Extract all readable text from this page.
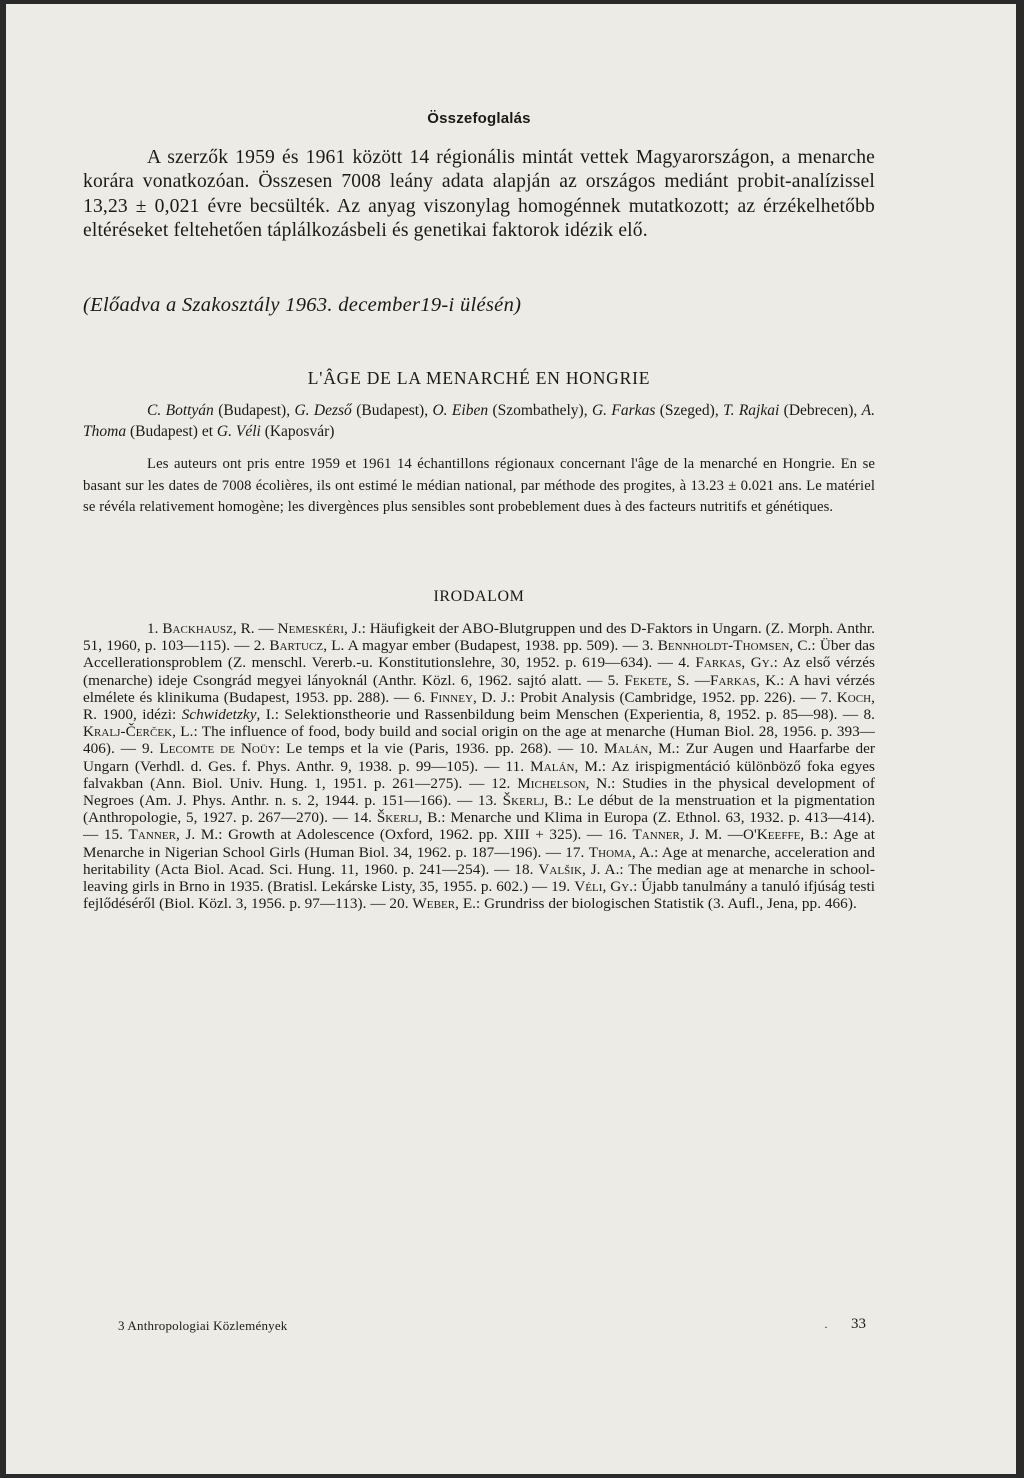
Összefoglalás
A szerzők 1959 és 1961 között 14 régionális mintát vettek Magyarországon, a menarche korára vonatkozóan. Összesen 7008 leány adata alapján az országos mediánt probit-analízissel 13,23 ± 0,021 évre becsülték. Az anyag viszonylag homogénnek mutatkozott; az érzékelhetőbb eltéréseket feltehetően táplálkozásbeli és genetikai faktorok idézik elő.
(Előadva a Szakosztály 1963. december19-i ülésén)
L'ÂGE DE LA MENARCHÉ EN HONGRIE
C. Bottyán (Budapest), G. Dezső (Budapest), O. Eiben (Szombathely), G. Farkas (Szeged), T. Rajkai (Debrecen), A. Thoma (Budapest) et G. Véli (Kaposvár)
Les auteurs ont pris entre 1959 et 1961 14 échantillons régionaux concernant l'âge de la menarché en Hongrie. En se basant sur les dates de 7008 écolières, ils ont estimé le médian national, par méthode des progites, à 13.23 ± 0.021 ans. Le matériel se révéla relativement homogène; les divergènces plus sensibles sont probeblement dues à des facteurs nutritifs et génétiques.
IRODALOM
1. Backhausz, R. — Nemeskéri, J.: Häufigkeit der ABO-Blutgruppen und des D-Faktors in Ungarn. (Z. Morph. Anthr. 51, 1960, p. 103—115). — 2. Bartucz, L. A magyar ember (Budapest, 1938. pp. 509). — 3. Bennholdt-Thomsen, C.: Über das Accellerationsproblem (Z. menschl. Vererb.-u. Konstitutionslehre, 30, 1952. p. 619—634). — 4. Farkas, Gy.: Az első vérzés (menarche) ideje Csongrád megyei lányoknál (Anthr. Közl. 6, 1962. sajtó alatt. — 5. Fekete, S. —Farkas, K.: A havi vérzés elmélete és klinikuma (Budapest, 1953. pp. 288). — 6. Finney, D. J.: Probit Analysis (Cambridge, 1952. pp. 226). — 7. Koch, R. 1900, idézi: Schwidetzky, I.: Selektionstheorie und Rassenbildung beim Menschen (Experientia, 8, 1952. p. 85—98). — 8. Kralj-Čerček, L.: The influence of food, body build and social origin on the age at menarche (Human Biol. 28, 1956. p. 393—406). — 9. Lecomte de Noüy: Le temps et la vie (Paris, 1936. pp. 268). — 10. Malán, M.: Zur Augen und Haarfarbe der Ungarn (Verhdl. d. Ges. f. Phys. Anthr. 9, 1938. p. 99—105). — 11. Malán, M.: Az irispigmentáció különböző foka egyes falvakban (Ann. Biol. Univ. Hung. 1, 1951. p. 261—275). — 12. Michelson, N.: Studies in the physical development of Negroes (Am. J. Phys. Anthr. n. s. 2, 1944. p. 151—166). — 13. Škerlj, B.: Le début de la menstruation et la pigmentation (Anthropologie, 5, 1927. p. 267—270). — 14. Škerlj, B.: Menarche und Klima in Europa (Z. Ethnol. 63, 1932. p. 413—414). — 15. Tanner, J. M.: Growth at Adolescence (Oxford, 1962. pp. XIII + 325). — 16. Tanner, J. M. —O'Keeffe, B.: Age at Menarche in Nigerian School Girls (Human Biol. 34, 1962. p. 187—196). — 17. Thoma, A.: Age at menarche, acceleration and heritability (Acta Biol. Acad. Sci. Hung. 11, 1960. p. 241—254). — 18. Valšik, J. A.: The median age at menarche in school-leaving girls in Brno in 1935. (Bratisl. Lekárske Listy, 35, 1955. p. 602.) — 19. Véli, Gy.: Újabb tanulmány a tanuló ifjúság testi fejlődéséről (Biol. Közl. 3, 1956. p. 97—113). — 20. Weber, E.: Grundriss der biologischen Statistik (3. Aufl., Jena, pp. 466).
3 Anthropologiai Közlemények	· 33
